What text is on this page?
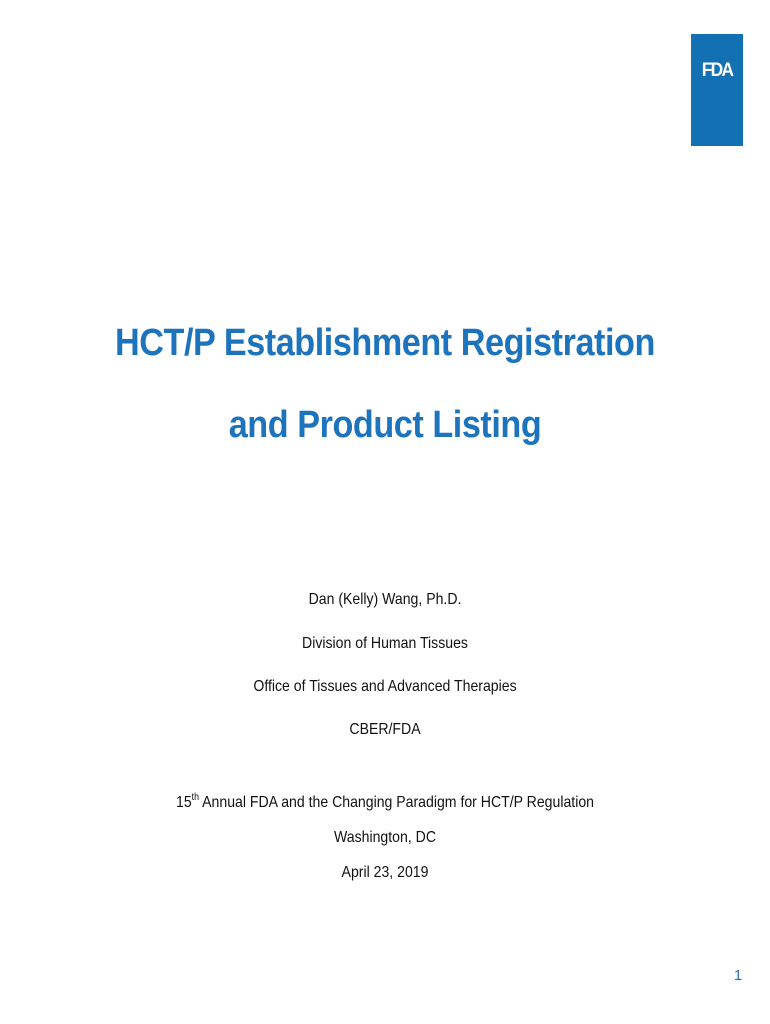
FDA
HCT/P Establishment Registration
and Product Listing
Dan (Kelly) Wang, Ph.D.
Division of Human Tissues
Office of Tissues and Advanced Therapies
CBER/FDA
15th Annual FDA and the Changing Paradigm for HCT/P Regulation
Washington, DC
April 23, 2019
1
